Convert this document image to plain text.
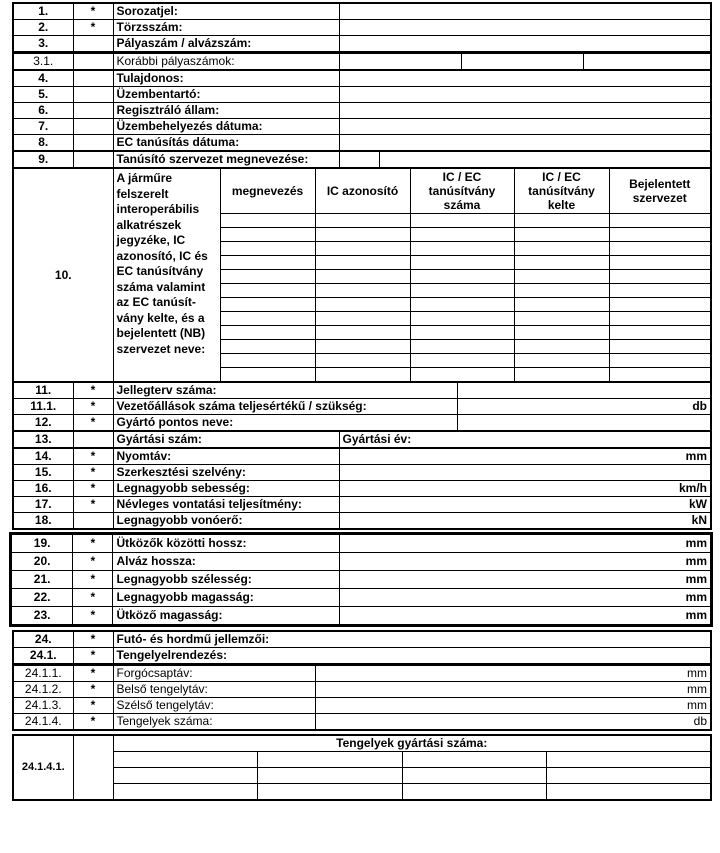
1.	*	Sorozatjel:	
2.	*	Törzsszám:	
3.		Pályaszám / alvázszám:	
3.1.		Korábbi pályaszámok:			
4.		Tulajdonos:	
5.		Üzembentartó:	
6.		Regisztráló állam:	
7.		Üzembehelyezés dátuma:	
8.		EC tanúsítás dátuma:	
9.		Tanúsító szervezet megnevezése:		
10.	A járműre felszerelt interoperábilis alkatrészek jegyzéke, IC azonosító, IC és EC tanúsítvány száma valamint az EC tanúsít-vány kelte, és a bejelentett (NB) szervezet neve:	megnevezés	IC azonosító	IC / EC tanúsítvány száma	IC / EC tanúsítvány kelte	Bejelentett szervezet

11.	*	Jellegterv száma:	
11.1.	*	Vezetőállások száma teljesértékű / szükség:	db
12.	*	Gyártó pontos neve:	
13.		Gyártási szám:	Gyártási év:
14.	*	Nyomtáv:	mm
15.	*	Szerkesztési szelvény:	
16.	*	Legnagyobb sebesség:	km/h
17.	*	Névleges vontatási teljesítmény:	kW
18.		Legnagyobb vonóerő:	kN
19.	*	Ütközők közötti hossz:	mm
20.	*	Alváz hossza:	mm
21.	*	Legnagyobb szélesség:	mm
22.	*	Legnagyobb magasság:	mm
23.	*	Ütköző magasság:	mm
24.	*	Futó- és hordmű jellemzői:
24.1.	*	Tengelyelrendezés:
24.1.1.	*	Forgócsaptáv:	mm
24.1.2.	*	Belső tengelytáv:	mm
24.1.3.	*	Szélső tengelytáv:	mm
24.1.4.	*	Tengelyek száma:	db
24.1.4.1.		Tengelyek gyártási száma:			
